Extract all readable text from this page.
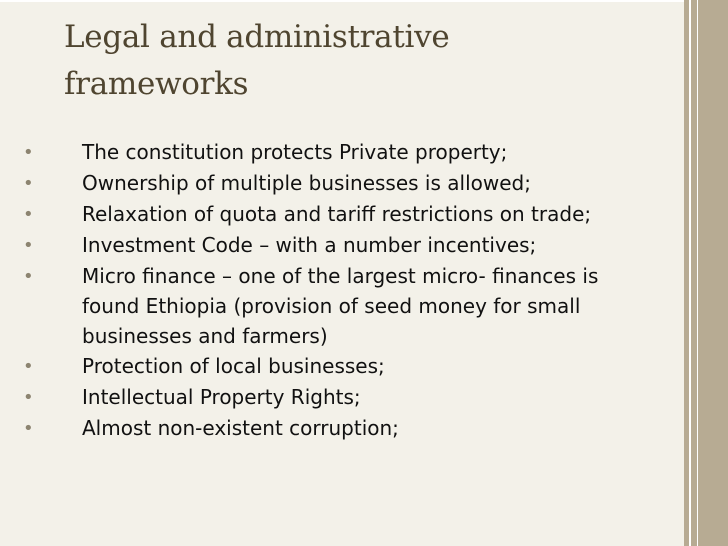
Legal and administrative
frameworks
•	The constitution protects Private property;
•	Ownership of multiple businesses is allowed;
•	Relaxation of quota and tariff restrictions on trade;
•	Investment Code – with a number incentives;
• Micro finance – one of the largest micro- finances is
found Ethiopia (provision of seed money for small
businesses and farmers)
•	Protection of local businesses;
•	Intellectual Property Rights;
•	Almost non-existent corruption;
